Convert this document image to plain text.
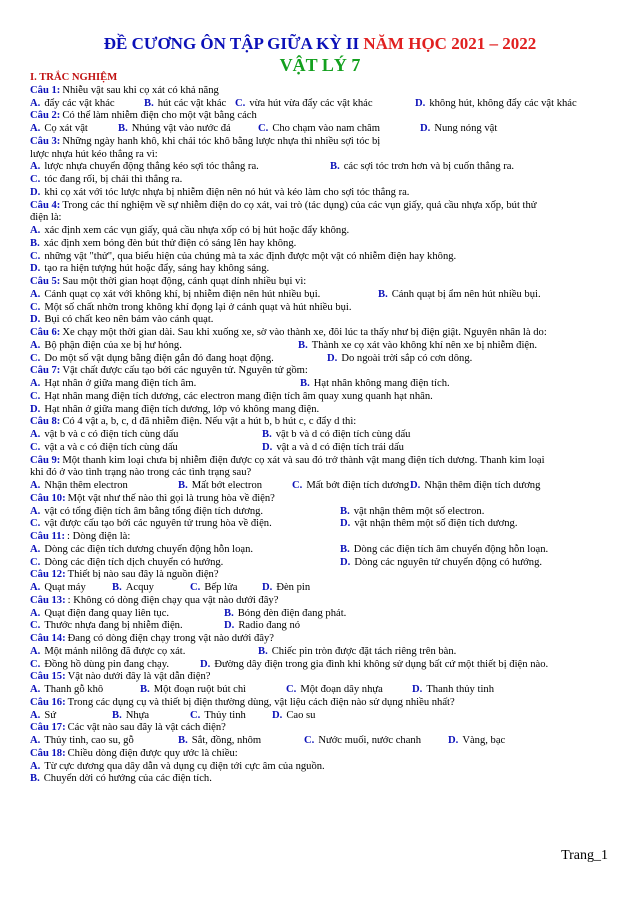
ĐỀ CƯƠNG ÔN TẬP GIỮA KỲ II NĂM HỌC 2021 – 2022
VẬT LÝ 7
I. TRẮC NGHIỆM
Câu 1: Nhiễu vật sau khi cọ xát có khả năng
A. đẩy các vật khác	B. hút các vật khác C. vừa hút vừa đẩy các vật khác	D. không hút, không đẩy các vật khác
Câu 2: Có thể làm nhiễm điện cho một vật bằng cách
A. Cọ xát vật	B. Nhúng vật vào nước đá	C. Cho chạm vào nam châm	D. Nung nóng vật
Câu 3: Những ngày hanh khô, khi chải tóc khô bằng lược nhựa thì nhiều sợi tóc bị
lược nhựa hút kéo thẳng ra vì:
A. lược nhựa chuyển động thẳng kéo sợi tóc thẳng ra.	B. các sợi tóc trơn hơn và bị cuốn thẳng ra.
C. tóc đang rối, bị chải thì thẳng ra.
D. khi cọ xát với tóc lược nhựa bị nhiễm điện nên nó hút và kéo làm cho sợi tóc thẳng ra.
Câu 4: Trong các thí nghiệm về sự nhiễm điện do cọ xát, vai trò (tác dụng) của các vụn giấy, quả cầu nhựa xốp, bút thử
điện là:
A. xác định xem các vụn giấy, quả cầu nhựa xốp có bị hút hoặc đẩy không.
B. xác định xem bóng đèn bút thử điện có sáng lên hay không.
C. những vật "thử", qua biểu hiện của chúng mà ta xác định được một vật có nhiễm điện hay không.
D. tạo ra hiện tượng hút hoặc đẩy, sáng hay không sáng.
Câu 5: Sau một thời gian hoạt động, cánh quạt dính nhiều bụi vì:
A. Cánh quạt cọ xát với không khí, bị nhiễm điện nên hút nhiều bụi.	B. Cánh quạt bị ẩm nên hút nhiều bụi.
C. Một số chất nhờn trong không khí đọng lại ở cánh quạt và hút nhiều bụi.
D. Bụi có chất keo nên bám vào cánh quạt.
Câu 6: Xe chạy một thời gian dài. Sau khi xuống xe, sờ vào thành xe, đôi lúc ta thấy như bị điện giật. Nguyên nhân là do:
A. Bộ phận điện của xe bị hư hỏng.	B. Thành xe cọ xát vào không khí nên xe bị nhiễm điện.
C. Do một số vật dụng bằng điện gắn đó đang hoạt động.	D. Do ngoài trời sắp có cơn dông.
Câu 7: Vật chất được cấu tạo bởi các nguyên tử. Nguyên tử gồm:
A. Hạt nhân ở giữa mang điện tích âm.	B. Hạt nhân không mang điện tích.
C. Hạt nhân mang điện tích dương, các electron mang điện tích âm quay xung quanh hạt nhân.
D. Hạt nhân ở giữa mang điện tích dương, lớp vỏ không mang điện.
Câu 8: Có 4 vật a, b, c, d đã nhiễm điện. Nếu vật a hút b, b hút c, c đẩy d thì:
A. vật b và c có điện tích cùng dấu	B. vật b và d có điện tích cùng dấu
C. vật a và c có điện tích cùng dấu	D. vật a và d có điện tích trái dấu
Câu 9: Một thanh kim loại chưa bị nhiễm điện được cọ xát và sau đó trở thành vật mang điện tích dương. Thanh kim loại
khi đó ở vào tình trạng nào trong các tình trạng sau?
A. Nhận thêm electron	B. Mất bớt electron	C. Mất bớt điện tích dương D. Nhận thêm điện tích dương
Câu 10: Một vật như thế nào thì gọi là trung hòa về điện?
A. vật có tổng điện tích âm bằng tổng điện tích dương.	B. vật nhận thêm một số electron.
C. vật được cấu tạo bởi các nguyên tử trung hòa về điện.	D. vật nhận thêm một số điện tích dương.
Câu 11: : Dòng điện là:
A. Dòng các điện tích dương chuyển động hỗn loạn.	B. Dòng các điện tích âm chuyển động hỗn loạn.
C. Dòng các điện tích dịch chuyển có hướng.	D. Dòng các nguyên tử chuyển động có hướng.
Câu 12: Thiết bị nào sau đây là nguồn điện?
A. Quạt máy B. Acquy	C. Bếp lửa D. Đèn pin
Câu 13: : Không có dòng điện chạy qua vật nào dưới đây?
A. Quạt điện đang quay liên tục.	B. Bóng đèn điện đang phát.
C. Thước nhựa đang bị nhiễm điện.	D. Radio đang nó
Câu 14: Đang có dòng điện chạy trong vật nào dưới đây?
A. Một mảnh nilông đã được cọ xát.	B. Chiếc pin tròn được đặt tách riêng trên bàn.
C. Đồng hồ dùng pin đang chạy.	D. Đường dây điện trong gia đình khi không sử dụng bất cứ một thiết bị điện nào.
Câu 15: Vật nào dưới đây là vật dẫn điện?
A. Thanh gỗ khô	B. Một đoạn ruột bút chì	C. Một đoạn dây nhựa	D. Thanh thủy tinh
Câu 16: Trong các dụng cụ và thiết bị điện thường dùng, vật liệu cách điện nào sử dụng nhiều nhất?
A. Sứ	B. Nhựa	C. Thủy tinh D. Cao su
Câu 17: Các vật nào sau đây là vật cách điện?
A. Thủy tinh, cao su, gỗ	B. Sắt, đồng, nhôm	C. Nước muối, nước chanh	D. Vàng, bạc
Câu 18: Chiều dòng điện được quy ước là chiều:
A. Từ cực dương qua dây dẫn và dụng cụ điện tới cực âm của nguồn.
B. Chuyển dời có hướng của các điện tích.
Trang_1
